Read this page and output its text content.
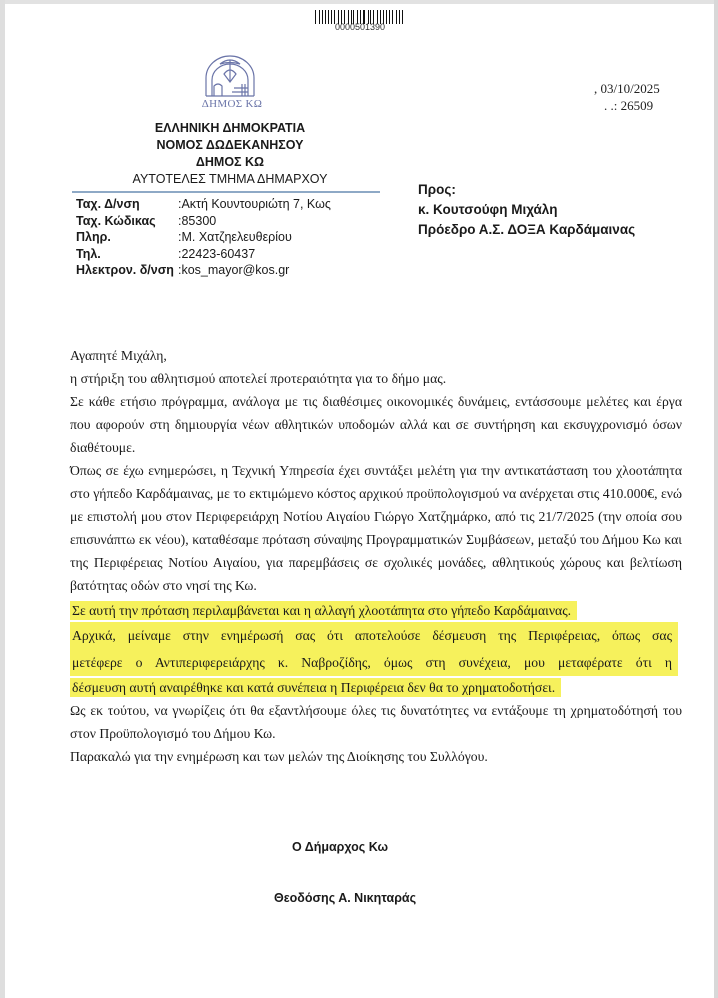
0000501390
ΔΗΜΟΣ ΚΩ
, 03/10/2025
. .: 26509
ΕΛΛΗΝΙΚΗ ΔΗΜΟΚΡΑΤΙΑ
ΝΟΜΟΣ ΔΩΔΕΚΑΝΗΣΟΥ
ΔΗΜΟΣ ΚΩ
ΑΥΤΟΤΕΛΕΣ ΤΜΗΜΑ ΔΗΜΑΡΧΟΥ
Ταχ. Δ/νση	:Ακτή Κουντουριώτη 7, Κως
Ταχ. Κώδικας	:85300
Πληρ.	:Μ. Χατζηελευθερίου
Τηλ.	:22423-60437
Ηλεκτρον. δ/νση :kos_mayor@kos.gr
Προς:
κ. Κουτσούφη Μιχάλη
Πρόεδρο Α.Σ. ΔΟΞΑ Καρδάμαινας

Αγαπητέ Μιχάλη,

η στήριξη του αθλητισμού αποτελεί προτεραιότητα για το δήμο μας.

Σε κάθε ετήσιο πρόγραμμα, ανάλογα με τις διαθέσιμες οικονομικές δυνάμεις, εντάσσουμε μελέτες και έργα που αφορούν στη δημιουργία νέων αθλητικών υποδομών αλλά και σε συντήρηση και εκσυγχρονισμό όσων διαθέτουμε.

Όπως σε έχω ενημερώσει, η Τεχνική Υπηρεσία έχει συντάξει μελέτη για την αντικατάσταση του χλοοτάπητα στο γήπεδο Καρδάμαινας, με το εκτιμώμενο κόστος αρχικού προϋπολογισμού να ανέρχεται στις 410.000€, ενώ με επιστολή μου στον Περιφερειάρχη Νοτίου Αιγαίου Γιώργο Χατζημάρκο, από τις 21/7/2025 (την οποία σου επισυνάπτω εκ νέου), καταθέσαμε πρόταση σύναψης Προγραμματικών Συμβάσεων, μεταξύ του Δήμου Κω και της Περιφέρειας Νοτίου Αιγαίου, για παρεμβάσεις σε σχολικές μονάδες, αθλητικούς χώρους και βελτίωση βατότητας οδών στο νησί της Κω.

Σε αυτή την πρόταση περιλαμβάνεται και η αλλαγή χλοοτάπητα στο γήπεδο Καρδάμαινας.
Αρχικά, μείναμε στην ενημέρωσή σας ότι αποτελούσε δέσμευση της Περιφέρειας, όπως σας
μετέφερε ο Αντιπεριφερειάρχης κ. Ναβροζίδης, όμως στη συνέχεια, μου μεταφέρατε ότι η
δέσμευση αυτή αναιρέθηκε και κατά συνέπεια η Περιφέρεια δεν θα το χρηματοδοτήσει.

Ως εκ τούτου, να γνωρίζεις ότι θα εξαντλήσουμε όλες τις δυνατότητες να εντάξουμε τη χρηματοδότησή του στον Προϋπολογισμό του Δήμου Κω.

Παρακαλώ για την ενημέρωση και των μελών της Διοίκησης του Συλλόγου.

Ο Δήμαρχος Κω
Θεοδόσης Α. Νικηταράς
